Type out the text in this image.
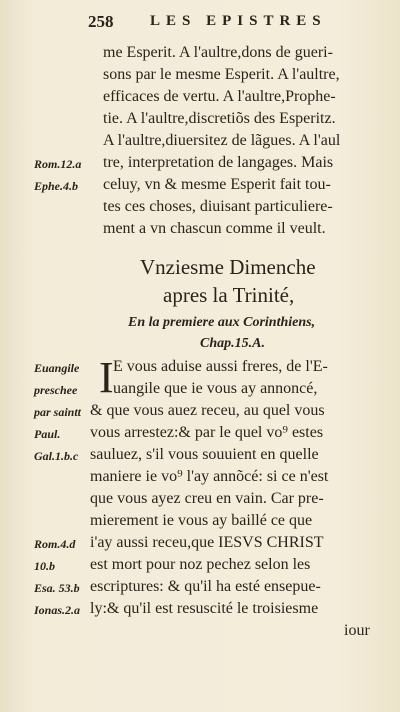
258 LES EPISTRES
me Esperit. A l'aultre,dons de gueri-
sons par le mesme Esperit. A l'aultre,
efficaces de vertu. A l'aultre,Prophe-
tie. A l'aultre,discretiõs des Esperitz.
A l'aultre,diuersitez de lãgues. A l'aul
tre, interpretation de langages. Mais
celuy, vn & mesme Esperit fait tou-
tes ces choses, diuisant particuliere-
ment a vn chascun comme il veult.
Rom.12.a
Ephe.4.b
Vnziesme Dimenche
apres la Trinité,
En la premiere aux Corinthiens,
Chap.15.A.
I E vous aduise aussi freres, de l'E-
uangile que ie vous ay annoncé,
& que vous auez receu, au quel vous
vous arrestez:& par le quel vo⁹ estes
sauluez, s'il vous souuient en quelle
maniere ie vo⁹ l'ay annõcé: si ce n'est
que vous ayez creu en vain. Car pre-
mierement ie vous ay baillé ce que
i'ay aussi receu,que IESVS CHRIST
est mort pour noz pechez selon les
escriptures: & qu'il ha esté ensepue-
ly:& qu'il est resuscité le troisiesme
iour
Euangile
preschee
par saintt
Paul.
Gal.1.b.c
Rom.4.d
10.b
Esa. 53.b
Ionas.2.a
